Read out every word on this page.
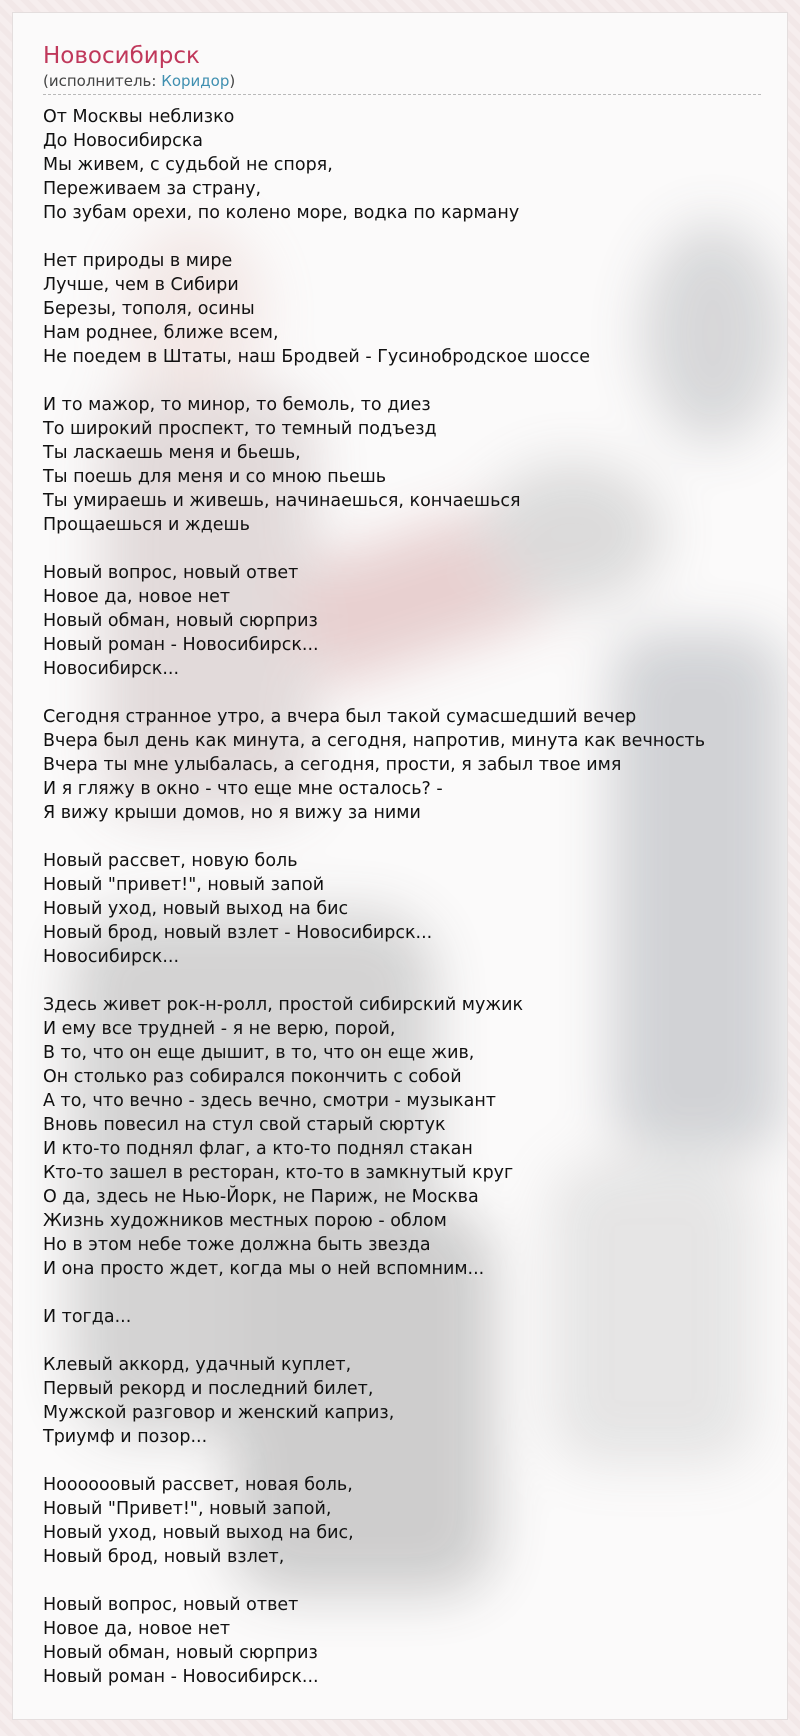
Новосибирск

(исполнитель: Коридор)

От Москвы неблизко
До Новосибирска
Мы живем, с судьбой не споря,
Переживаем за страну,
По зубам орехи, по колено море, водка по карману
Нет природы в мире
Лучше, чем в Сибири
Березы, тополя, осины
Нам роднее, ближе всем,
Не поедем в Штаты, наш Бродвей - Гусинобродское шоссе
И то мажор, то минор, то бемоль, то диез
То широкий проспект, то темный подъезд
Ты ласкаешь меня и бьешь,
Ты поешь для меня и со мною пьешь
Ты умираешь и живешь, начинаешься, кончаешься
Прощаешься и ждешь
Новый вопрос, новый ответ
Новое да, новое нет
Новый обман, новый сюрприз
Новый роман - Новосибирск...
Новосибирск...
Сегодня странное утро, а вчера был такой сумасшедший вечер
Вчера был день как минута, а сегодня, напротив, минута как вечность
Вчера ты мне улыбалась, а сегодня, прости, я забыл твое имя
И я гляжу в окно - что еще мне осталось? -
Я вижу крыши домов, но я вижу за ними
Новый рассвет, новую боль
Новый "привет!", новый запой
Новый уход, новый выход на бис
Новый брод, новый взлет - Новосибирск...
Новосибирск...
Здесь живет рок-н-ролл, простой сибирский мужик
И ему все трудней - я не верю, порой,
В то, что он еще дышит, в то, что он еще жив,
Он столько раз собирался покончить с собой
А то, что вечно - здесь вечно, смотри - музыкант
Вновь повесил на стул свой старый сюртук
И кто-то поднял флаг, а кто-то поднял стакан
Кто-то зашел в ресторан, кто-то в замкнутый круг
О да, здесь не Нью-Йорк, не Париж, не Москва
Жизнь художников местных порою - облом
Но в этом небе тоже должна быть звезда
И она просто ждет, когда мы о ней вспомним...
И тогда...
Клевый аккорд, удачный куплет,
Первый рекорд и последний билет,
Мужской разговор и женский каприз,
Триумф и позор...
Ноооооовый рассвет, новая боль,
Новый "Привет!", новый запой,
Новый уход, новый выход на бис,
Новый брод, новый взлет,
Новый вопрос, новый ответ
Новое да, новое нет
Новый обман, новый сюрприз
Новый роман - Новосибирск...
